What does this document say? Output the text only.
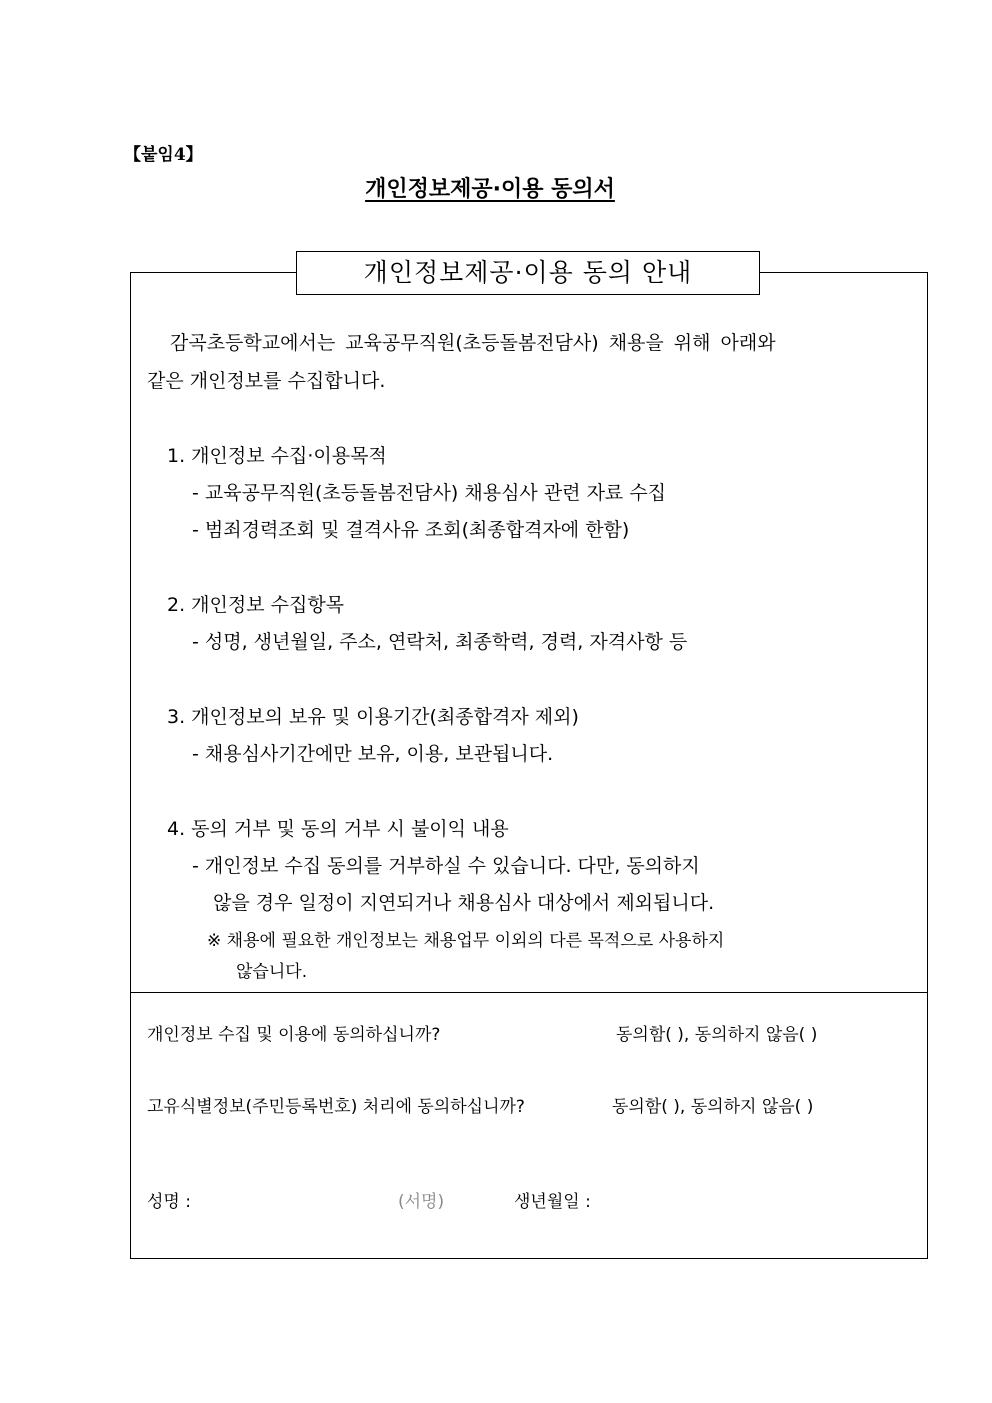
【붙임4】
개인정보제공·이용 동의서
개인정보제공·이용 동의 안내
감곡초등학교에서는 교육공무직원(초등돌봄전담사) 채용을 위해 아래와
같은 개인정보를 수집합니다.
1. 개인정보 수집·이용목적
- 교육공무직원(초등돌봄전담사) 채용심사 관련 자료 수집
- 범죄경력조회 및 결격사유 조회(최종합격자에 한함)
2. 개인정보 수집항목
- 성명, 생년월일, 주소, 연락처, 최종학력, 경력, 자격사항 등
3. 개인정보의 보유 및 이용기간(최종합격자 제외)
- 채용심사기간에만 보유, 이용, 보관됩니다.
4. 동의 거부 및 동의 거부 시 불이익 내용
- 개인정보 수집 동의를 거부하실 수 있습니다. 다만, 동의하지
않을 경우 일정이 지연되거나 채용심사 대상에서 제외됩니다.
※ 채용에 필요한 개인정보는 채용업무 이외의 다른 목적으로 사용하지
않습니다.
개인정보 수집 및 이용에 동의하십니까?	동의함( ), 동의하지 않음( )
고유식별정보(주민등록번호) 처리에 동의하십니까?	동의함( ), 동의하지 않음( )
성명 :	(서명)	생년월일 :
